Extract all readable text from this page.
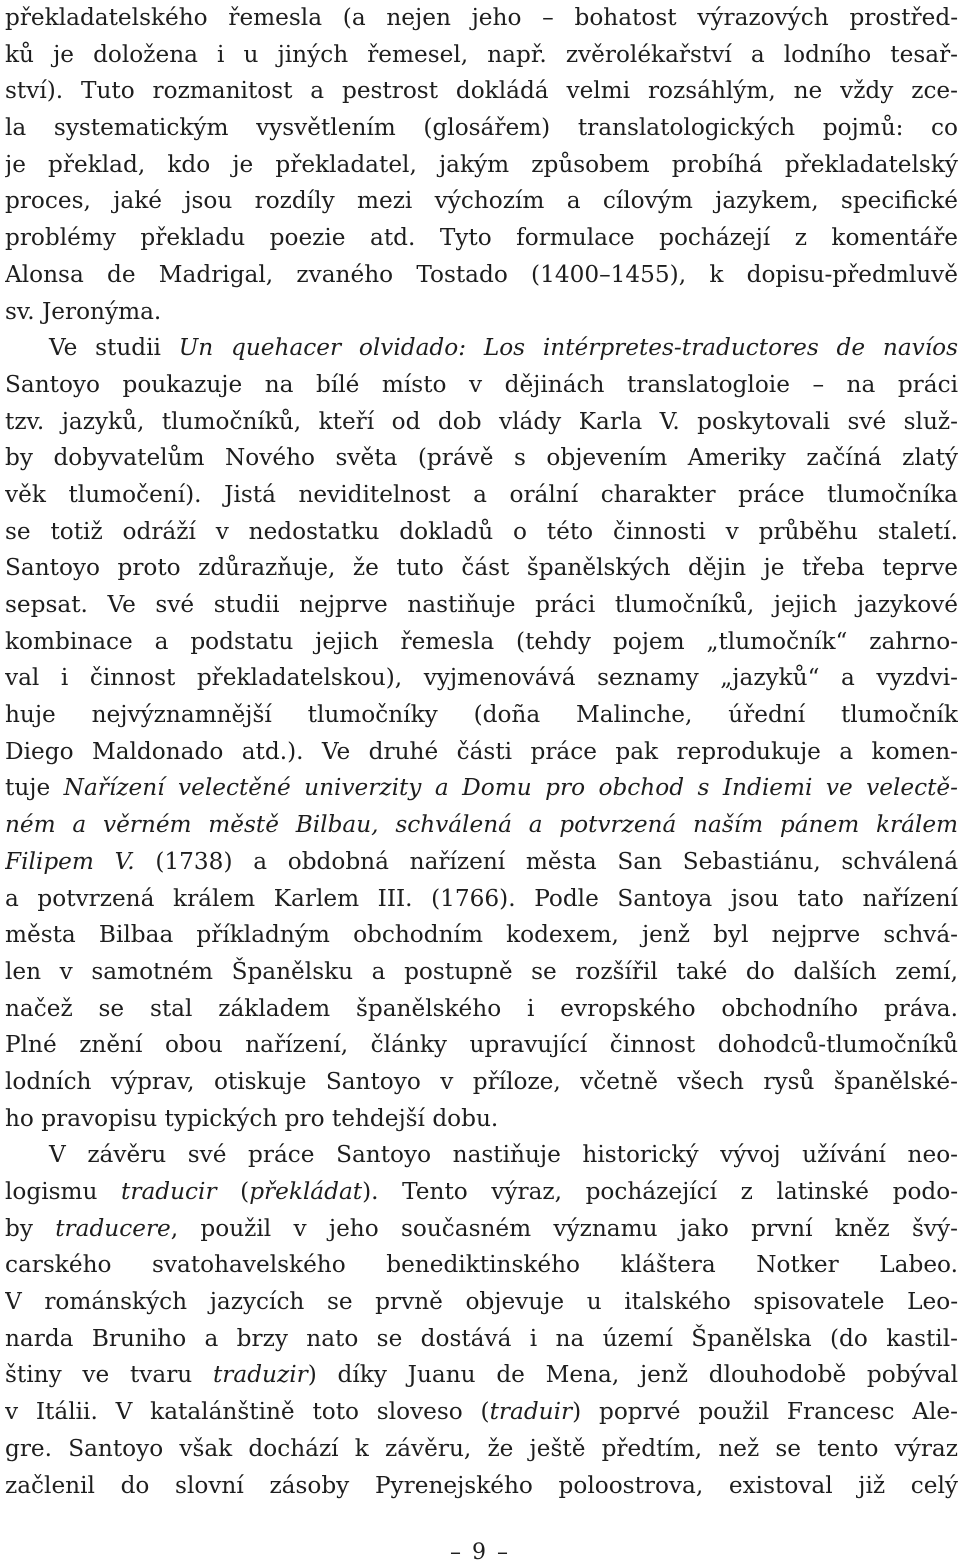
překladatelského řemesla (a nejen jeho – bohatost výrazových prostřed-
ků je doložena i u jiných řemesel, např. zvěrolékařství a lodního tesař-
ství). Tuto rozmanitost a pestrost dokládá velmi rozsáhlým, ne vždy zce-
la systematickým vysvětlením (glosářem) translatologických pojmů: co
je překlad, kdo je překladatel, jakým způsobem probíhá překladatelský
proces, jaké jsou rozdíly mezi výchozím a cílovým jazykem, specifické
problémy překladu poezie atd. Tyto formulace pocházejí z komentáře
Alonsa de Madrigal, zvaného Tostado (1400–1455), k dopisu-předmluvě
sv. Jeronýma.
Ve studii Un quehacer olvidado: Los intérpretes-traductores de navíos
Santoyo poukazuje na bílé místo v dějinách translatogloie – na práci
tzv. jazyků, tlumočníků, kteří od dob vlády Karla V. poskytovali své služ-
by dobyvatelům Nového světa (právě s objevením Ameriky začíná zlatý
věk tlumočení). Jistá neviditelnost a orální charakter práce tlumočníka
se totiž odráží v nedostatku dokladů o této činnosti v průběhu staletí.
Santoyo proto zdůrazňuje, že tuto část španělských dějin je třeba teprve
sepsat. Ve své studii nejprve nastiňuje práci tlumočníků, jejich jazykové
kombinace a podstatu jejich řemesla (tehdy pojem „tlumočník“ zahrno-
val i činnost překladatelskou), vyjmenovává seznamy „jazyků“ a vyzdvi-
huje nejvýznamnější tlumočníky (doña Malinche, úřední tlumočník
Diego Maldonado atd.). Ve druhé části práce pak reprodukuje a komen-
tuje Nařízení velectěné univerzity a Domu pro obchod s Indiemi ve velectě-
ném a věrném městě Bilbau, schválená a potvrzená naším pánem králem
Filipem V. (1738) a obdobná nařízení města San Sebastiánu, schválená
a potvrzená králem Karlem III. (1766). Podle Santoya jsou tato nařízení
města Bilbaa příkladným obchodním kodexem, jenž byl nejprve schvá-
len v samotném Španělsku a postupně se rozšířil také do dalších zemí,
načež se stal základem španělského i evropského obchodního práva.
Plné znění obou nařízení, články upravující činnost dohodců-tlumočníků
lodních výprav, otiskuje Santoyo v příloze, včetně všech rysů španělské-
ho pravopisu typických pro tehdejší dobu.
V závěru své práce Santoyo nastiňuje historický vývoj užívání neo-
logismu traducir (překládat). Tento výraz, pocházející z latinské podo-
by traducere, použil v jeho současném významu jako první kněz švý-
carského svatohavelského benediktinského kláštera Notker Labeo.
V románských jazycích se prvně objevuje u italského spisovatele Leo-
narda Bruniho a brzy nato se dostává i na území Španělska (do kastil-
štiny ve tvaru traduzir) díky Juanu de Mena, jenž dlouhodobě pobýval
v Itálii. V katalánštině toto sloveso (traduir) poprvé použil Francesc Ale-
gre. Santoyo však dochází k závěru, že ještě předtím, než se tento výraz
začlenil do slovní zásoby Pyrenejského poloostrova, existoval již celý
– 9 –
